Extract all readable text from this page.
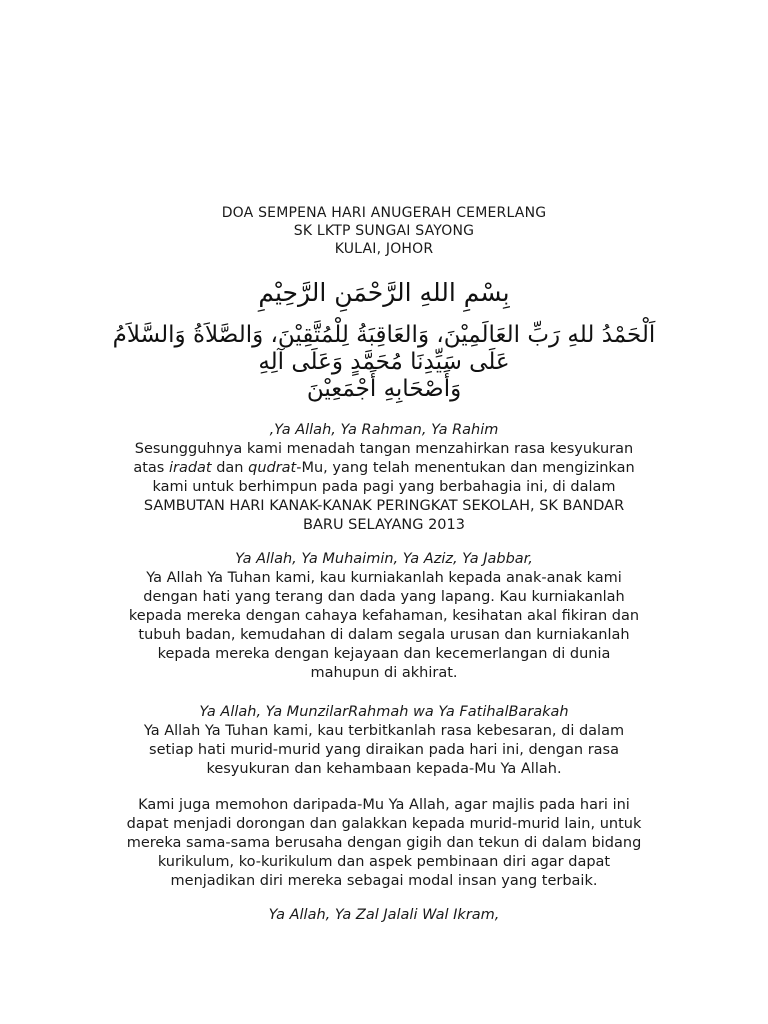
DOA SEMPENA HARI ANUGERAH CEMERLANG
SK LKTP SUNGAI SAYONG
KULAI, JOHOR
بِسْمِ اللهِ الرَّحْمَنِ الرَّحِيْمِ
اَلْحَمْدُ للهِ رَبِّ العَالَمِيْنَ، وَالعَاقِبَةُ لِلْمُتَّقِيْنَ، وَالصَّلاَةُ وَالسَّلاَمُ
عَلَى سَيِّدِنَا مُحَمَّدٍ وَعَلَى آلِهِ
وَأَصْحَابِهِ أَجْمَعِيْنَ
,Ya Allah, Ya Rahman, Ya Rahim
Sesungguhnya kami menadah tangan menzahirkan rasa kesyukuran
atas iradat dan qudrat-Mu, yang telah menentukan dan mengizinkan
kami untuk berhimpun pada pagi yang berbahagia ini, di dalam
SAMBUTAN HARI KANAK-KANAK PERINGKAT SEKOLAH, SK BANDAR
BARU SELAYANG 2013
Ya Allah, Ya Muhaimin, Ya Aziz, Ya Jabbar,
Ya Allah Ya Tuhan kami, kau kurniakanlah kepada anak-anak kami
dengan hati yang terang dan dada yang lapang. Kau kurniakanlah
kepada mereka dengan cahaya kefahaman, kesihatan akal fikiran dan
tubuh badan, kemudahan di dalam segala urusan dan kurniakanlah
kepada mereka dengan kejayaan dan kecemerlangan di dunia
mahupun di akhirat.
Ya Allah, Ya MunzilarRahmah wa Ya FatihalBarakah
Ya Allah Ya Tuhan kami, kau terbitkanlah rasa kebesaran, di dalam
setiap hati murid-murid yang diraikan pada hari ini, dengan rasa
kesyukuran dan kehambaan kepada-Mu Ya Allah.
Kami juga memohon daripada-Mu Ya Allah, agar majlis pada hari ini
dapat menjadi dorongan dan galakkan kepada murid-murid lain, untuk
mereka sama-sama berusaha dengan gigih dan tekun di dalam bidang
kurikulum, ko-kurikulum dan aspek pembinaan diri agar dapat
menjadikan diri mereka sebagai modal insan yang terbaik.
Ya Allah, Ya Zal Jalali Wal Ikram,
